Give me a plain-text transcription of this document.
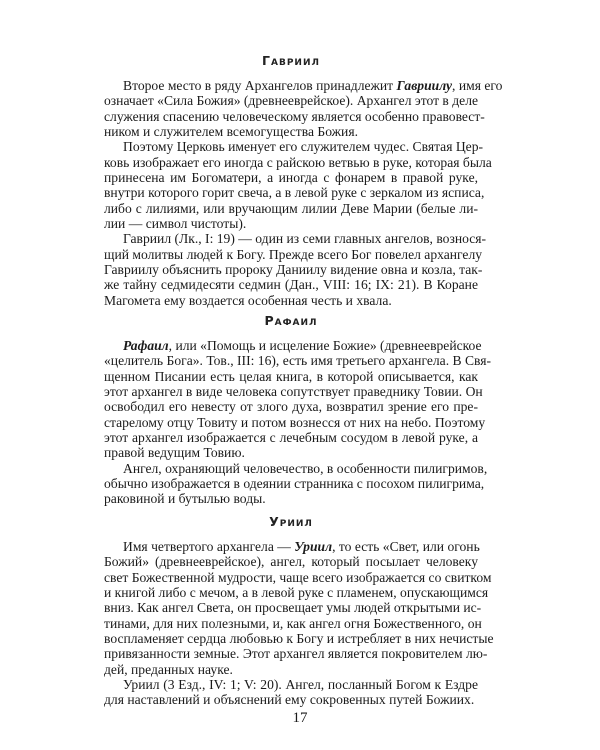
Гавриил
Второе место в ряду Архангелов принадлежит Гавриилу, имя его
означает «Сила Божия» (древнееврейское). Архангел этот в деле
служения спасению человеческому является особенно правовест-
ником и служителем всемогущества Божия.
Поэтому Церковь именует его служителем чудес. Святая Цер-
ковь изображает его иногда с райскою ветвью в руке, которая была
принесена им Богоматери, а иногда с фонарем в правой руке,
внутри которого горит свеча, а в левой руке с зеркалом из ясписа,
либо с лилиями, или вручающим лилии Деве Марии (белые ли-
лии — символ чистоты).
Гавриил (Лк., I: 19) — один из семи главных ангелов, вознося-
щий молитвы людей к Богу. Прежде всего Бог повелел архангелу
Гавриилу объяснить пророку Даниилу видение овна и козла, так-
же тайну седмидесяти седмин (Дан., VIII: 16; IX: 21). В Коране
Магомета ему воздается особенная честь и хвала.
Рафаил
Рафаил, или «Помощь и исцеление Божие» (древнееврейское
«целитель Бога». Тов., III: 16), есть имя третьего архангела. В Свя-
щенном Писании есть целая книга, в которой описывается, как
этот архангел в виде человека сопутствует праведнику Товии. Он
освободил его невесту от злого духа, возвратил зрение его пре-
старелому отцу Товиту и потом вознесся от них на небо. Поэтому
этот архангел изображается с лечебным сосудом в левой руке, а
правой ведущим Товию.
Ангел, охраняющий человечество, в особенности пилигримов,
обычно изображается в одеянии странника с посохом пилигрима,
раковиной и бутылью воды.
Уриил
Имя четвертого архангела — Уриил, то есть «Свет, или огонь
Божий» (древнееврейское), ангел, который посылает человеку
свет Божественной мудрости, чаще всего изображается со свитком
и книгой либо с мечом, а в левой руке с пламенем, опускающимся
вниз. Как ангел Света, он просвещает умы людей открытыми ис-
тинами, для них полезными, и, как ангел огня Божественного, он
воспламеняет сердца любовью к Богу и истребляет в них нечистые
привязанности земные. Этот архангел является покровителем лю-
дей, преданных науке.
Уриил (3 Езд., IV: 1; V: 20). Ангел, посланный Богом к Ездре
для наставлений и объяснений ему сокровенных путей Божиих.
17
